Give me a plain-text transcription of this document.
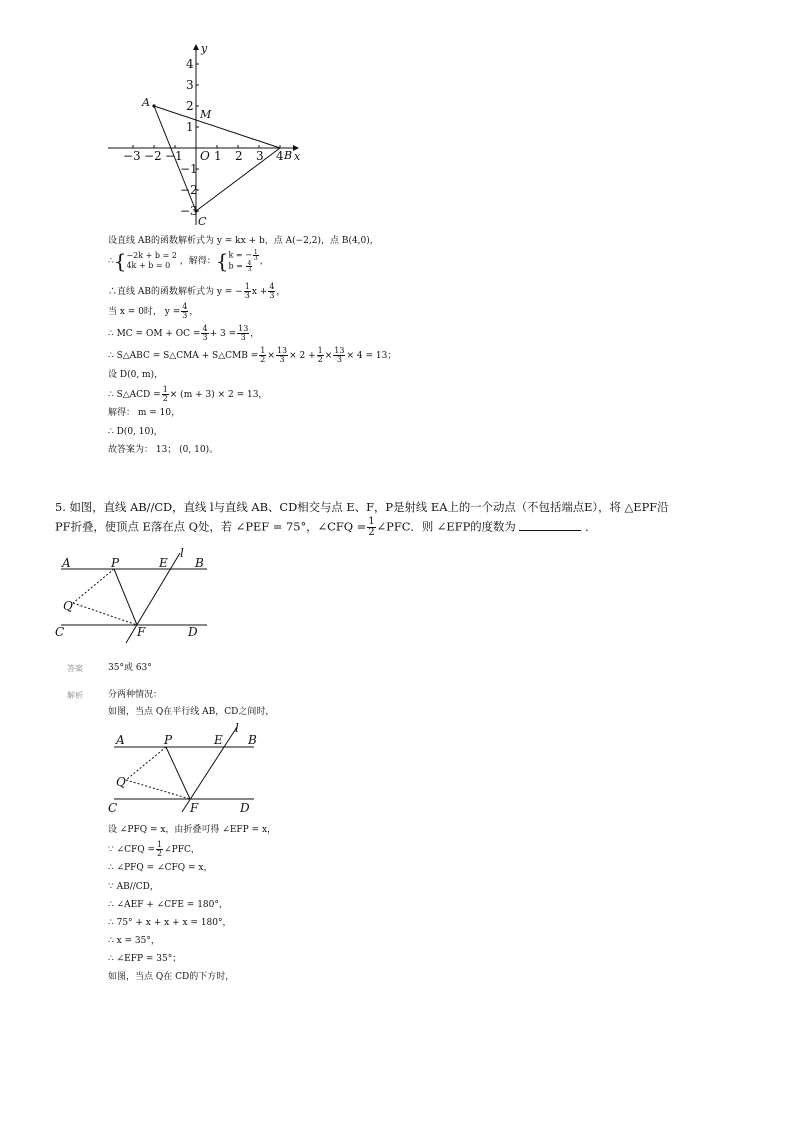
−3 −2 −1 O 1 2 3 4
4
3
2
1
−1
−2
−3
x
y
A
B
C
M
设直线 AB的函数解析式为 y = kx + b，点 A(−2,2)，点 B(4,0)，
∴{ −2k + b = 2
4k + b = 0	，解得：{ k = − $\frac{1}{3}$
$b = \frac{4}{3}$ ，
∴直线 AB的函数解析式为 y = − $\frac{1}{3}$ $x + \frac{4}{3}$ ，
当 x = 0时， $y = \frac{4}{3}$ ，
∴ MC = OM + OC = $\frac{4}{3} + 3 = \frac{13}{3}$ ，
∴ S△ABC = S△CMA + S△CMB = $\frac{1}{2} \times \frac{13}{3} \times 2 + \frac{1}{2} \times \frac{13}{3} \times 4 = 13$；
设 D(0, m)，
∴ S△ACD = $\frac{1}{2} \times (m + 3) \times 2 = 13$，
解得： m = 10，
∴ D(0, 10)，
故答案为： 13； (0, 10)。
5. 如图，直线 AB//CD，直线 l与直线 AB、CD相交与点 E、F，P是射线 EA上的一个动点（不包括端点E），将 △EPF沿
PF折叠，使顶点 E落在点 Q处，若 ∠PEF = 75°，∠CFQ = $\frac{1}{2}$ ∠PFC．则 ∠EFP的度数为	．
A	P	E
l
B
Q
C	F	D
答案	35°或 63°
解析	分两种情况：
如图，当点 Q在平行线 AB，CD之间时，
A	P	E
l
B
Q
C	F	D
设 ∠PFQ = x，由折叠可得 ∠EFP = x，
∵ ∠CFQ = $\frac{1}{2}$ ∠PFC，
∴ ∠PFQ = ∠CFQ = x，
∵ AB//CD，
∴ ∠AEF + ∠CFE = 180°，
∴ 75° + x + x + x = 180°，
∴ x = 35°，
∴ ∠EFP = 35°；
如图，当点 Q在 CD的下方时，
